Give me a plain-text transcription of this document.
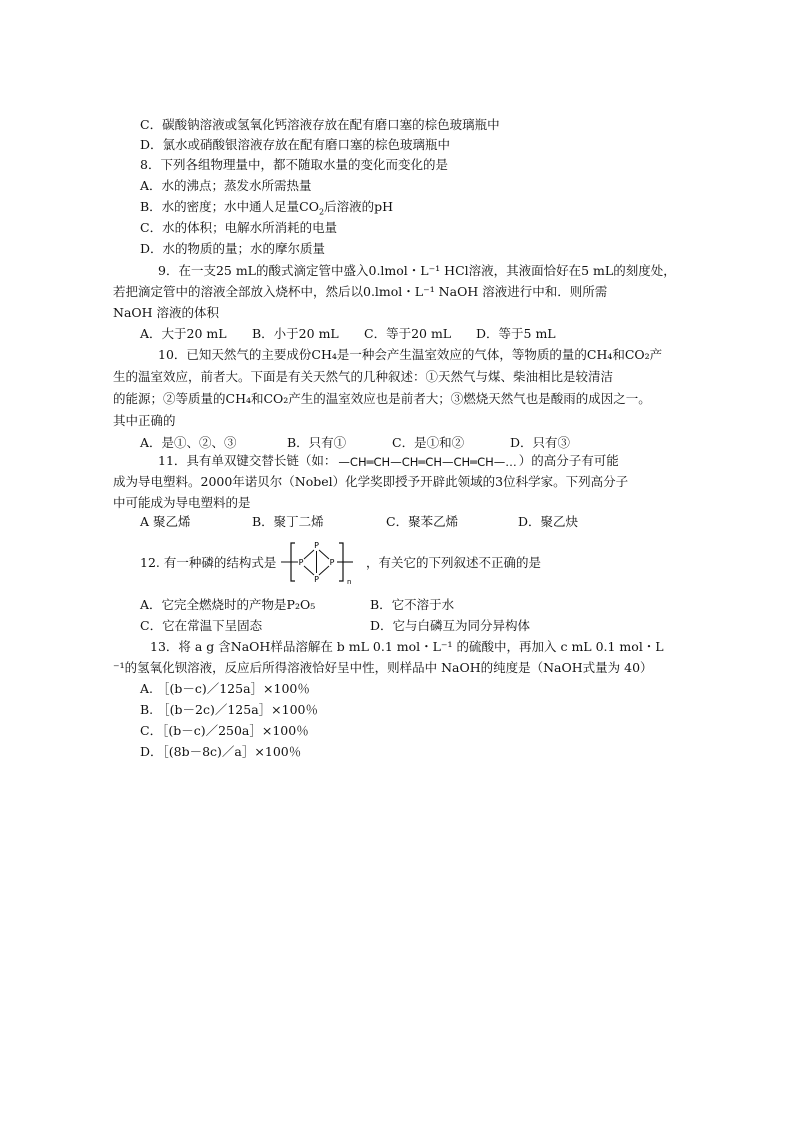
C．碳酸钠溶液或氢氧化钙溶液存放在配有磨口塞的棕色玻璃瓶中
D．氯水或硝酸银溶液存放在配有磨口塞的棕色玻璃瓶中
8．下列各组物理量中，都不随取水量的变化而变化的是
A．水的沸点；蒸发水所需热量
B．水的密度；水中通人足量$CO_2$后溶液的pH
C．水的体积；电解水所消耗的电量
D．水的物质的量；水的摩尔质量
9．在一支25 mL的酸式滴定管中盛入0.lmol・L⁻¹ HCl溶液，其液面恰好在5 mL的刻度处，
若把滴定管中的溶液全部放入烧杯中，然后以0.lmol・L⁻¹ NaOH 溶液进行中和．则所需
NaOH 溶液的体积
A．大于20 mL B．小于20 mL C．等于20 mL D．等于5 mL
10．已知天然气的主要成份CH₄是一种会产生温室效应的气体，等物质的量的CH₄和CO₂产
生的温室效应，前者大。下面是有关天然气的几种叙述：①天然气与煤、柴油相比是较清洁
的能源；②等质量的CH₄和CO₂产生的温室效应也是前者大；③燃烧天然气也是酸雨的成因之一。
其中正确的
A．是①、②、③	B．只有①	C．是①和②	D．只有③
11．具有单双键交替长链（如： —CH═CH—CH═CH—CH═CH—… ）的高分子有可能
成为导电塑料。2000年诺贝尔（Nobel）化学奖即授予开辟此领域的3位科学家。下列高分子
中可能成为导电塑料的是
A 聚乙烯	B．聚丁二烯	C．聚苯乙烯	D．聚乙炔
12. 有一种磷的结构式是
P
P	P
P	n
，有关它的下列叙述不正确的是
A．它完全燃烧时的产物是P₂O₅	B．它不溶于水
C．它在常温下呈固态	D．它与白磷互为同分异构体
13．将 a g 含NaOH样品溶解在 b mL 0.1 mol・L⁻¹ 的硫酸中，再加入 c mL 0.1 mol・L
⁻¹的氢氧化钡溶液，反应后所得溶液恰好呈中性，则样品中 NaOH的纯度是（NaOH式量为 40）
A. ［(b－c)／125a］×100％
B. ［(b－2c)／125a］×100％
C．［(b－c)／250a］×100％
D．［(8b－8c)／a］×100％
